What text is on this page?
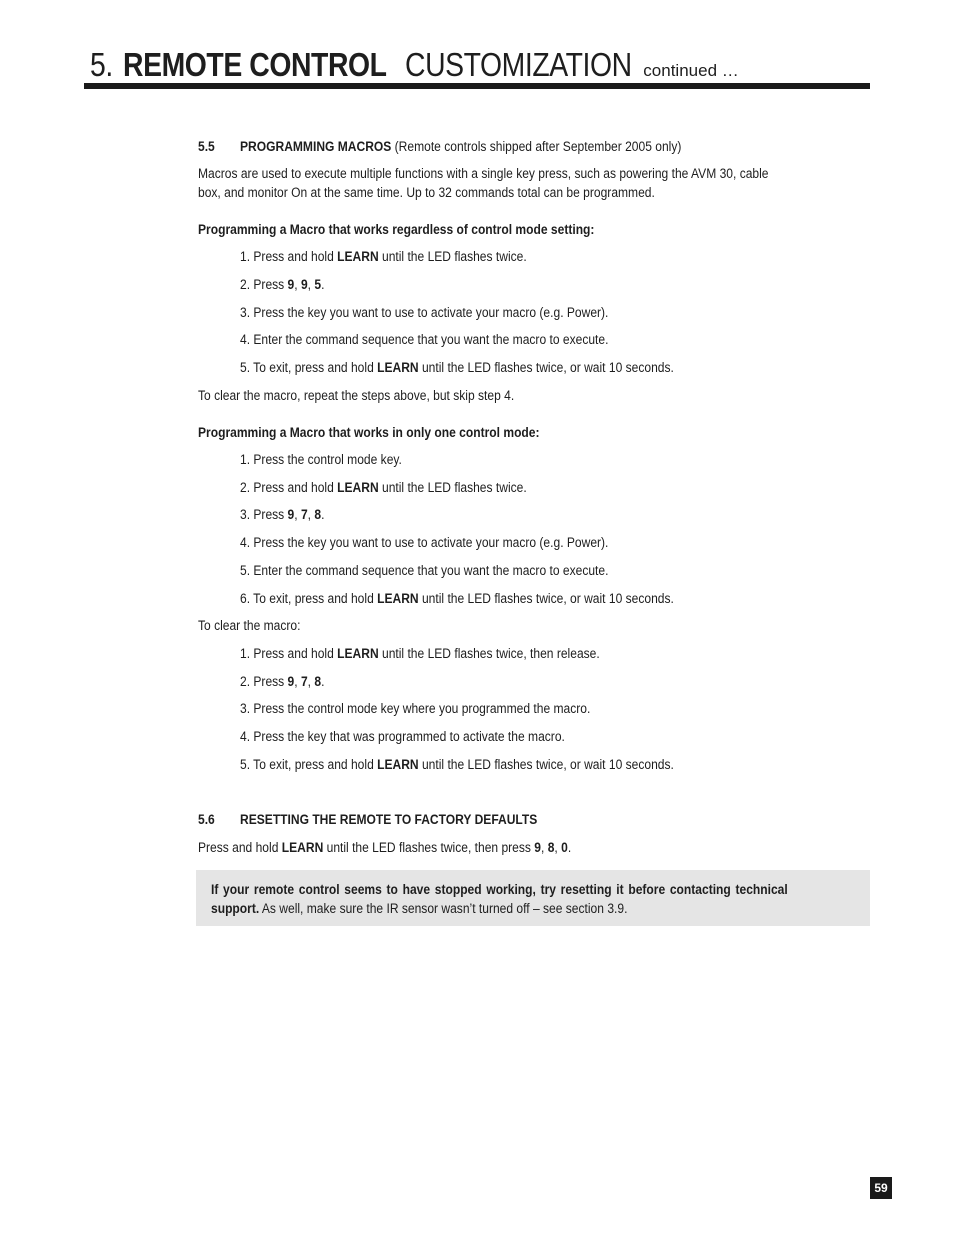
5. REMOTE CONTROL CUSTOMIZATION continued …
5.5 PROGRAMMING MACROS (Remote controls shipped after September 2005 only)
Macros are used to execute multiple functions with a single key press, such as powering the AVM 30, cable
box, and monitor On at the same time. Up to 32 commands total can be programmed.
Programming a Macro that works regardless of control mode setting:
1. Press and hold LEARN until the LED flashes twice.
2. Press 9, 9, 5.
3. Press the key you want to use to activate your macro (e.g. Power).
4. Enter the command sequence that you want the macro to execute.
5. To exit, press and hold LEARN until the LED flashes twice, or wait 10 seconds.
To clear the macro, repeat the steps above, but skip step 4.
Programming a Macro that works in only one control mode:
1. Press the control mode key.
2. Press and hold LEARN until the LED flashes twice.
3. Press 9, 7, 8.
4. Press the key you want to use to activate your macro (e.g. Power).
5. Enter the command sequence that you want the macro to execute.
6. To exit, press and hold LEARN until the LED flashes twice, or wait 10 seconds.
To clear the macro:
1. Press and hold LEARN until the LED flashes twice, then release.
2. Press 9, 7, 8.
3. Press the control mode key where you programmed the macro.
4. Press the key that was programmed to activate the macro.
5. To exit, press and hold LEARN until the LED flashes twice, or wait 10 seconds.
5.6 RESETTING THE REMOTE TO FACTORY DEFAULTS
Press and hold LEARN until the LED flashes twice, then press 9, 8, 0.
If your remote control seems to have stopped working, try resetting it before contacting technical
support. As well, make sure the IR sensor wasn’t turned off – see section 3.9.
59
